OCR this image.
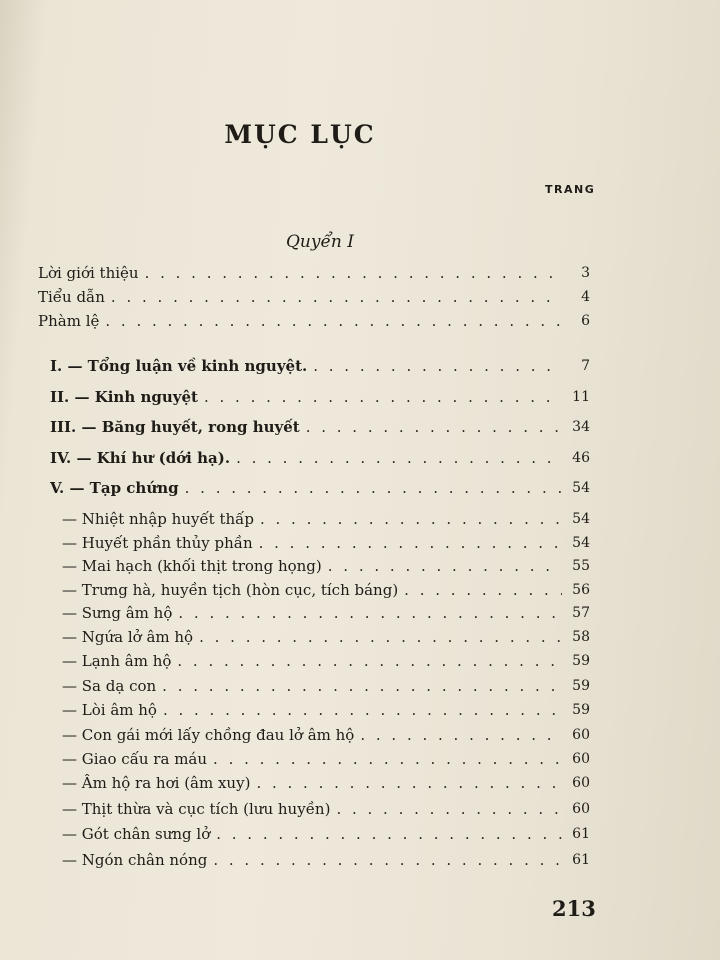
MỤC LỤC
TRANG
Quyển I
Lời giới thiệu . . .	3
Tiểu dẫn . . .	4
Phàm lệ . . .	6
I. — Tổng luận về kinh nguyệt. . . .	7
II. — Kinh nguyệt . . .	11
III. — Băng huyết, rong huyết . . .	34
IV. — Khí hư (dới hạ). . . .	46
V. — Tạp chứng . . .	54
— Nhiệt nhập huyết thấp . . .	54
— Huyết phần thủy phần . . .	54
— Mai hạch (khối thịt trong họng) . . .	55
— Trưng hà, huyền tịch (hòn cục, tích báng) . . .	56
— Sưng âm hộ . . .	57
— Ngứa lở âm hộ . . .	58
— Lạnh âm hộ . . .	59
— Sa dạ con . . .	59
— Lòi âm hộ . . .	59
— Con gái mới lấy chồng đau lở âm hộ . . .	60
— Giao cấu ra máu . . .	60
— Âm hộ ra hơi (âm xuy) . . .	60
— Thịt thừa và cục tích (lưu huyền) . . .	60
— Gót chân sưng lở . . .	61
— Ngón chân nóng . . .	61
213
